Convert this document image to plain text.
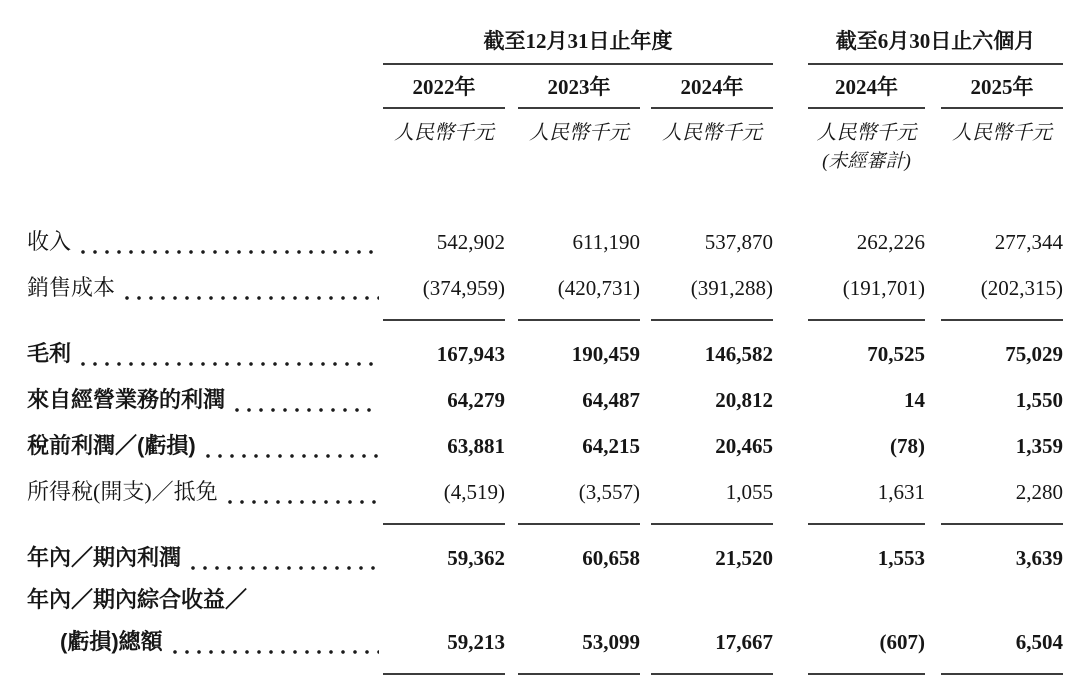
截至12月31日止年度	截至6月30日止六個月
2022年	2023年	2024年	2024年	2025年
人民幣千元	人民幣千元	人民幣千元	人民幣千元	人民幣千元
(未經審計)
收入	542,902	611,190	537,870	262,226	277,344
銷售成本	(374,959)	(420,731)	(391,288)	(191,701)	(202,315)
毛利	167,943	190,459	146,582	70,525	75,029
來自經營業務的利潤	64,279	64,487	20,812	14	1,550
稅前利潤／(虧損)	63,881	64,215	20,465	(78)	1,359
所得稅(開支)／抵免	(4,519)	(3,557)	1,055	1,631	2,280
年內／期內利潤	59,362	60,658	21,520	1,553	3,639
年內／期內綜合收益／
(虧損)總額	59,213	53,099	17,667	(607)	6,504
